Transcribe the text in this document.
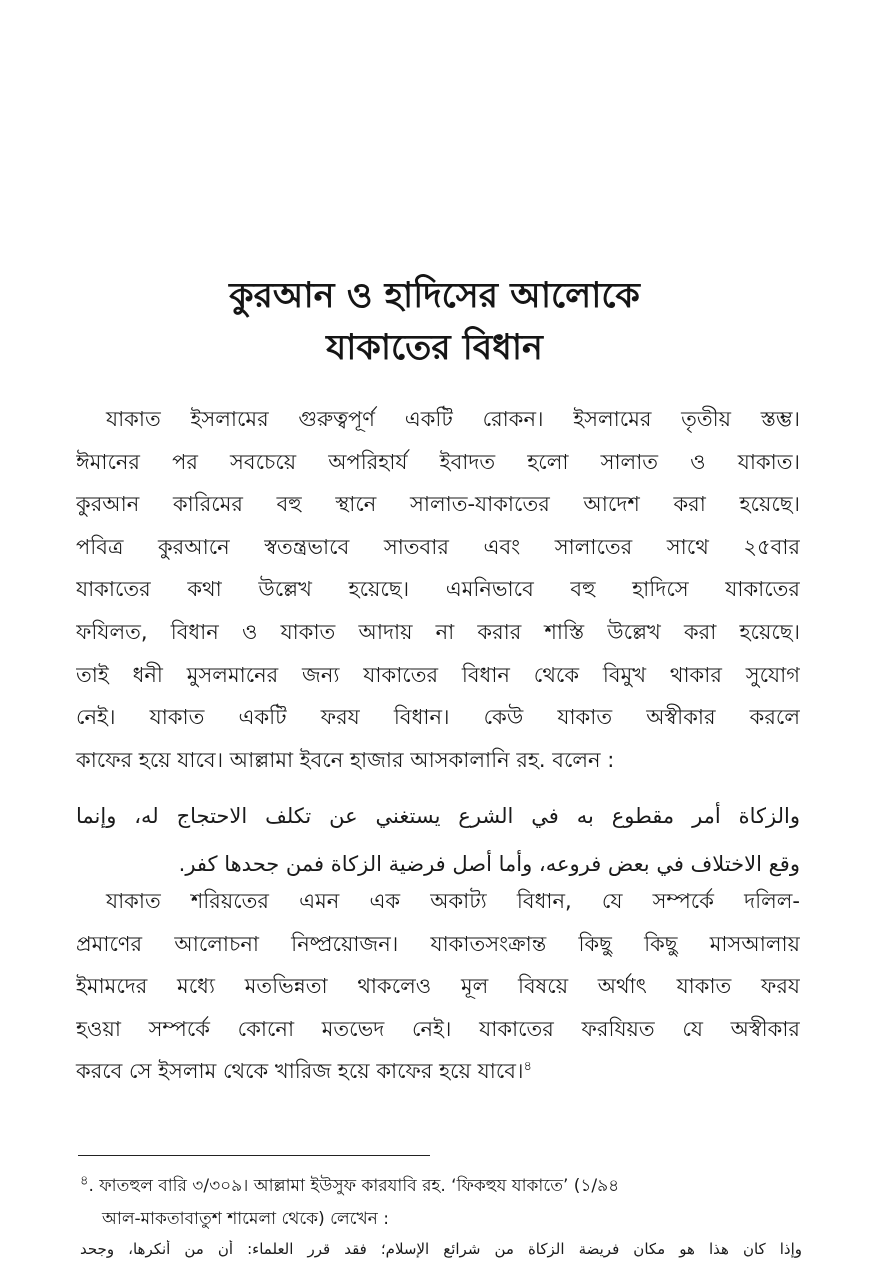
কুরআন ও হাদিসের আলোকে
যাকাতের বিধান
যাকাত ইসলামের গুরুত্বপূর্ণ একটি রোকন। ইসলামের তৃতীয় স্তম্ভ।
ঈমানের পর সবচেয়ে অপরিহার্য ইবাদত হলো সালাত ও যাকাত।
কুরআন কারিমের বহু স্থানে সালাত-যাকাতের আদেশ করা হয়েছে।
পবিত্র কুরআনে স্বতন্ত্রভাবে সাতবার এবং সালাতের সাথে ২৫বার
যাকাতের কথা উল্লেখ হয়েছে। এমনিভাবে বহু হাদিসে যাকাতের
ফযিলত, বিধান ও যাকাত আদায় না করার শাস্তি উল্লেখ করা হয়েছে।
তাই ধনী মুসলমানের জন্য যাকাতের বিধান থেকে বিমুখ থাকার সুযোগ
নেই। যাকাত একটি ফরয বিধান। কেউ যাকাত অস্বীকার করলে
কাফের হয়ে যাবে। আল্লামা ইবনে হাজার আসকালানি রহ. বলেন :
والزكاة أمر مقطوع به في الشرع يستغني عن تكلف الاحتجاج له، وإنما
وقع الاختلاف في بعض فروعه، وأما أصل فرضية الزكاة فمن جحدها كفر.
যাকাত শরিয়তের এমন এক অকাট্য বিধান, যে সম্পর্কে দলিল-
প্রমাণের আলোচনা নিষ্প্রয়োজন। যাকাতসংক্রান্ত কিছু কিছু মাসআলায়
ইমামদের মধ্যে মতভিন্নতা থাকলেও মূল বিষয়ে অর্থাৎ যাকাত ফরয
হওয়া সম্পর্কে কোনো মতভেদ নেই। যাকাতের ফরযিয়ত যে অস্বীকার
করবে সে ইসলাম থেকে খারিজ হয়ে কাফের হয়ে যাবে।$^৪$
$^৪$. ফাতহুল বারি ৩/৩০৯। আল্লামা ইউসুফ কারযাবি রহ. ‘ফিকহুয যাকাতে’ (১/৯৪
আল-মাকতাবাতুশ শামেলা থেকে) লেখেন :
وإذا كان هذا هو مكان فريضة الزكاة من شرائع الإسلام؛ فقد قرر العلماء: أن من أنكرها، وجحد
